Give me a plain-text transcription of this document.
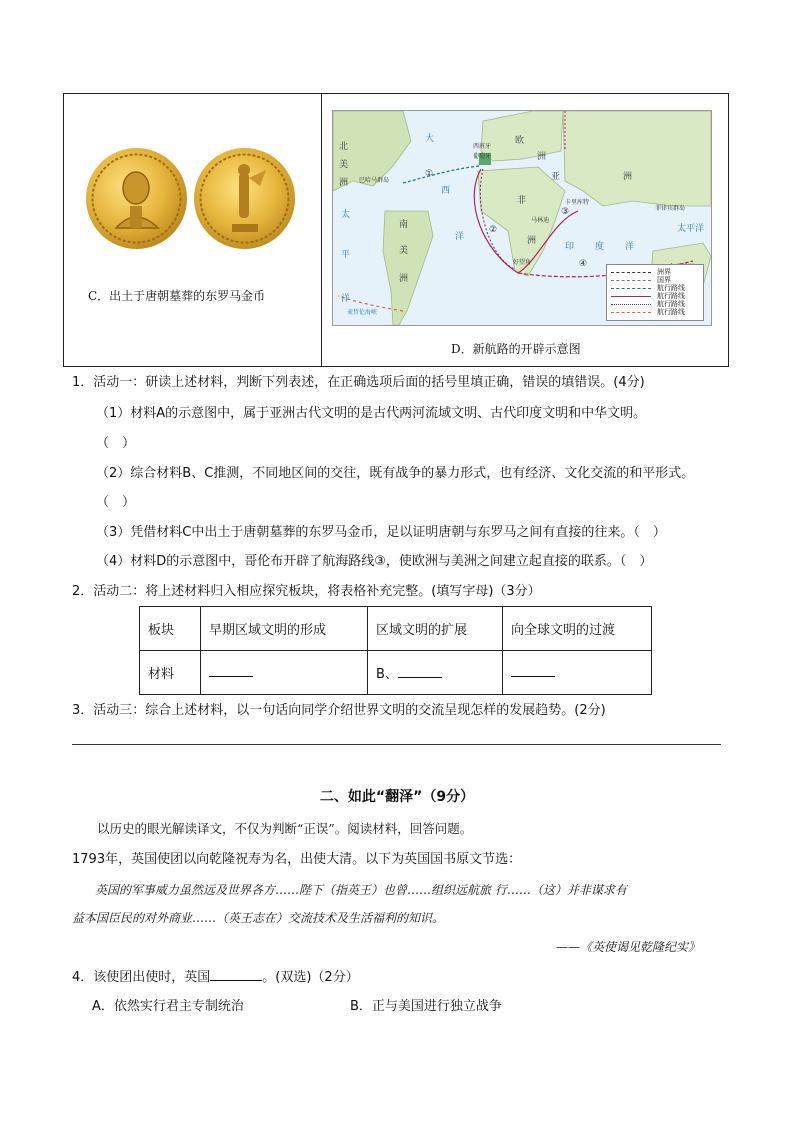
C．出土于唐朝墓葬的东罗马金币
北
美
洲
大
西
洋
欧
洲
亚	洲
非
洲
南
美
洲
太
平
洋
印 度 洋
太平洋
西班牙
葡萄牙
巴哈马群岛
卡里库特
马林迪
好望角
菲律宾群岛
麦哲伦海峡
①
②
③
④
洲界
国界
航行路线
航行路线
航行路线
航行路线
D．新航路的开辟示意图
1．活动一：研读上述材料，判断下列表述，在正确选项后面的括号里填正确，错误的填错误。(4分)
（1）材料A的示意图中，属于亚洲古代文明的是古代两河流域文明、古代印度文明和中华文明。
（　）
（2）综合材料B、C推测，不同地区间的交往，既有战争的暴力形式，也有经济、文化交流的和平形式。
（　）
（3）凭借材料C中出土于唐朝墓葬的东罗马金币，足以证明唐朝与东罗马之间有直接的往来。（　）
（4）材料D的示意图中，哥伦布开辟了航海路线③，使欧洲与美洲之间建立起直接的联系。（　）
2．活动二：将上述材料归入相应探究板块，将表格补充完整。(填写字母)（3分）
板块	早期区域文明的形成	区域文明的扩展	向全球文明的过渡
材料		B、	
3．活动三：综合上述材料，以一句话向同学介绍世界文明的交流呈现怎样的发展趋势。(2分)
二、如此“翻泽”（9分）
以历史的眼光解读译文，不仅为判断“正误”。阅读材料，回答问题。
1793年，英国使团以向乾隆祝寿为名，出使大清。以下为英国国书原文节选：
英国的军事威力虽然远及世界各方……陛下（指英王）也曾……组织远航旅 行……（这）并非谋求有
益本国臣民的对外商业……（英王志在）交流技术及生活福利的知识。
——《英使谒见乾隆纪实》
4．该使团出使时，英国	。(双选)（2分）
A．依然实行君主专制统治	B．正与美国进行独立战争
